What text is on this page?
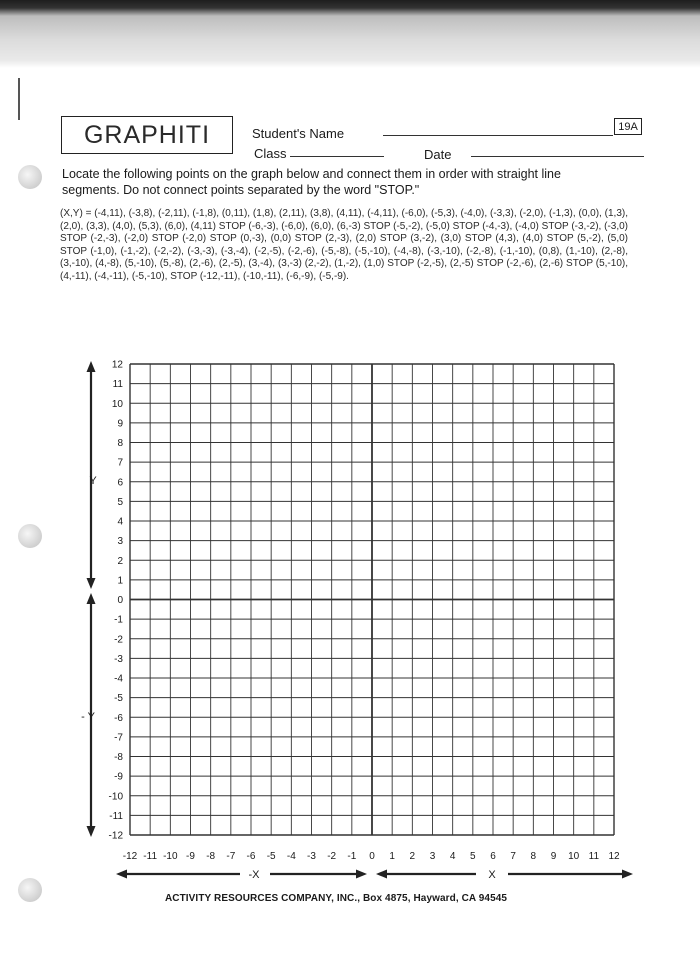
GRAPHITI	19A
Student's Name
Class	Date
Locate the following points on the graph below and connect them in order with straight line segments. Do not connect points separated by the word "STOP."
(X,Y) = (-4,11), (-3,8), (-2,11), (-1,8), (0,11), (1,8), (2,11), (3,8), (4,11), (-4,11), (-6,0), (-5,3), (-4,0), (-3,3), (-2,0), (-1,3), (0,0), (1,3), (2,0), (3,3), (4,0), (5,3), (6,0), (4,11) STOP (-6,-3), (-6,0), (6,0), (6,-3) STOP (-5,-2), (-5,0) STOP (-4,-3), (-4,0) STOP (-3,-2), (-3,0) STOP (-2,-3), (-2,0) STOP (-2,0) STOP (0,-3), (0,0) STOP (2,-3), (2,0) STOP (3,-2), (3,0) STOP (4,3), (4,0) STOP (5,-2), (5,0) STOP (-1,0), (-1,-2), (-2,-2), (-3,-3), (-3,-4), (-2,-5), (-2,-6), (-5,-8), (-5,-10), (-4,-8), (-3,-10), (-2,-8), (-1,-10), (0,8), (1,-10), (2,-8), (3,-10), (4,-8), (5,-10), (5,-8), (2,-6), (2,-5), (3,-4), (3,-3) (2,-2), (1,-2), (1,0) STOP (-2,-5), (2,-5) STOP (-2,-6), (2,-6) STOP (5,-10), (4,-11), (-4,-11), (-5,-10), STOP (-12,-11), (-10,-11), (-6,-9), (-5,-9).
12
11
10
9
8
7
6
5
4
3
2
1
0
-1
-2
-3
-4
-5
-6
-7
-8
-9
-10
-11
-12
-12 -11 -10 -9 -8 -7 -6 -5 -4 -3 -2 -1 0 1 2 3 4 5 6 7 8 9 10 11 12
Y
- Y
-X	X
ACTIVITY RESOURCES COMPANY, INC., Box 4875, Hayward, CA 94545
